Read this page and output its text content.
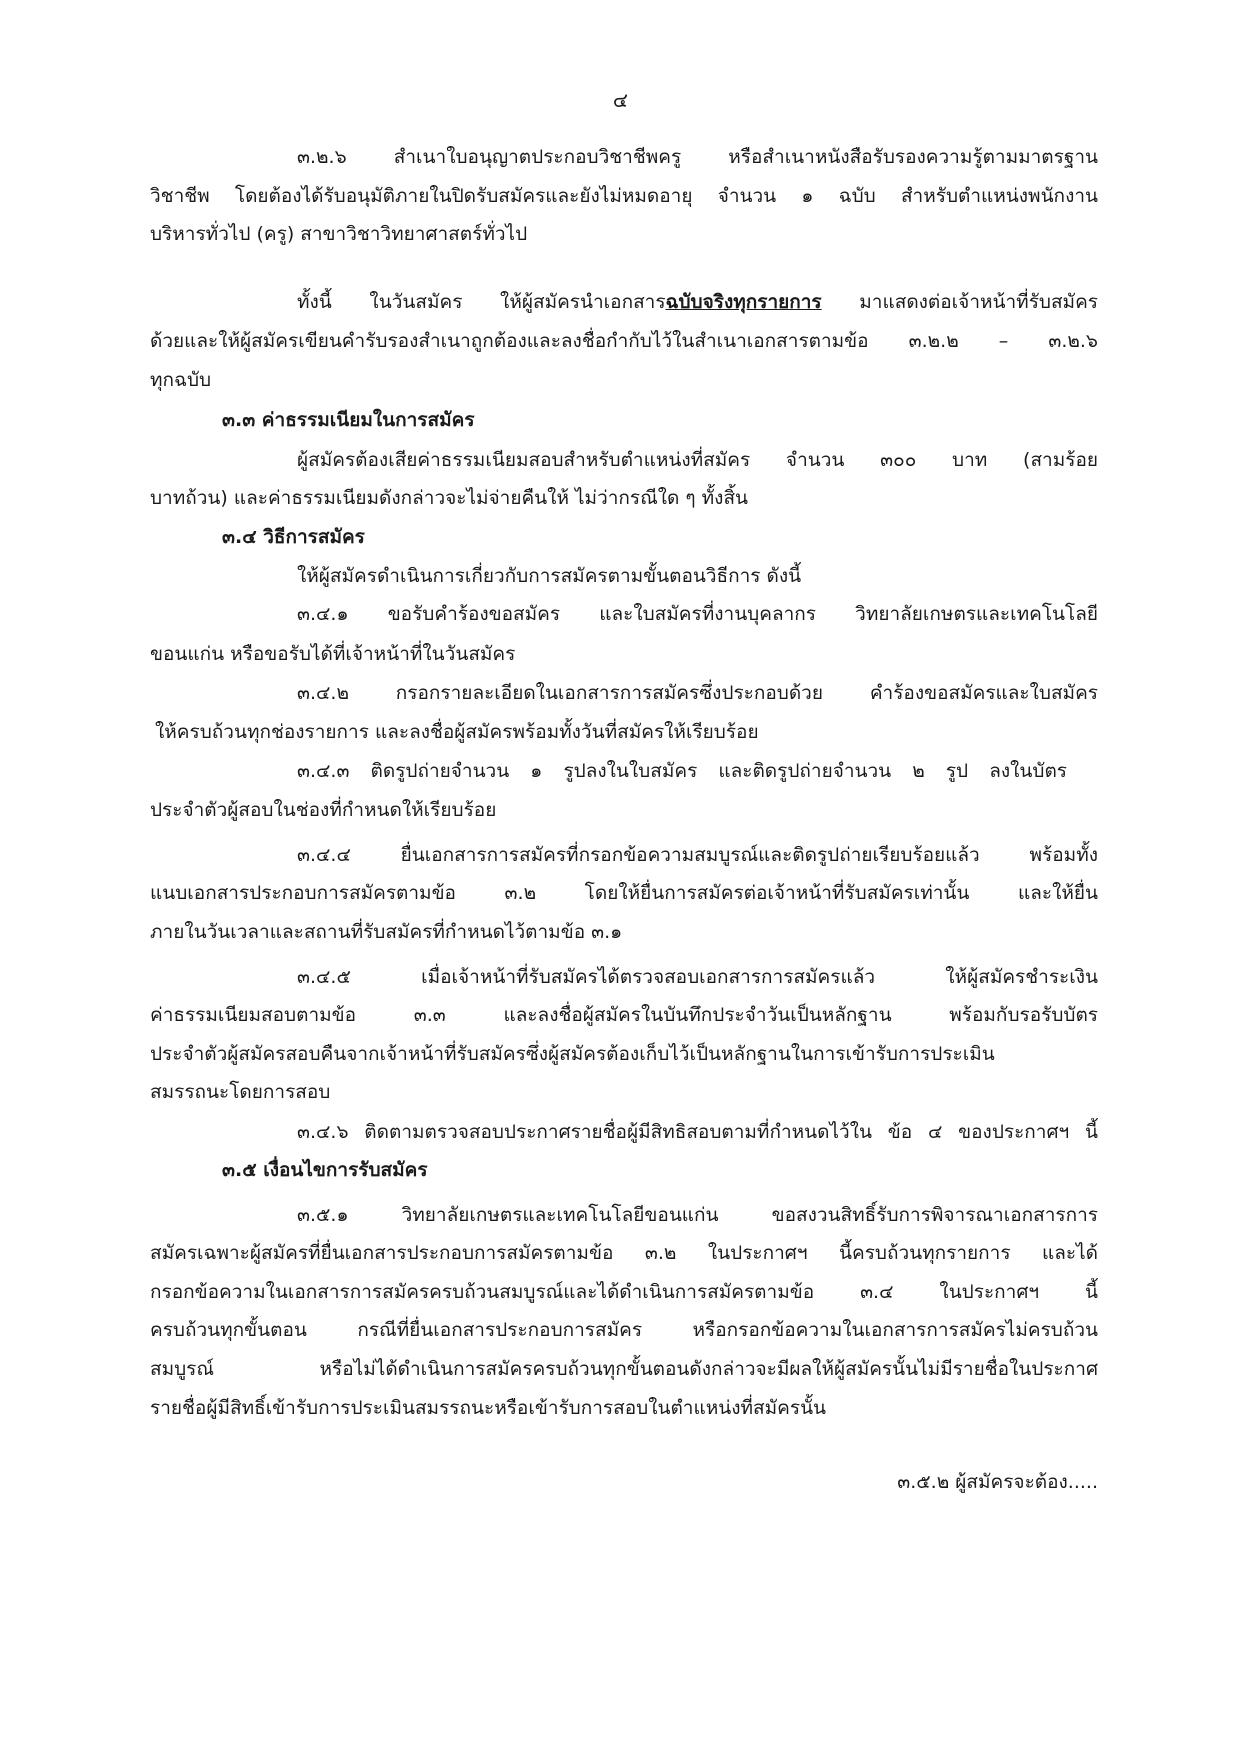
๔
๓.๒.๖ สำเนาใบอนุญาตประกอบวิชาชีพครู หรือสำเนาหนังสือรับรองความรู้ตามมาตรฐาน
วิชาชีพ โดยต้องได้รับอนุมัติภายในปิดรับสมัครและยังไม่หมดอายุ จำนวน ๑ ฉบับ สำหรับตำแหน่งพนักงาน
บริหารทั่วไป (ครู) สาขาวิชาวิทยาศาสตร์ทั่วไป
ทั้งนี้ ในวันสมัคร ให้ผู้สมัครนำเอกสารฉบับจริงทุกรายการ มาแสดงต่อเจ้าหน้าที่รับสมัคร
ด้วยและให้ผู้สมัครเขียนคำรับรองสำเนาถูกต้องและลงชื่อกำกับไว้ในสำเนาเอกสารตามข้อ ๓.๒.๒ – ๓.๒.๖
ทุกฉบับ
๓.๓ ค่าธรรมเนียมในการสมัคร
ผู้สมัครต้องเสียค่าธรรมเนียมสอบสำหรับตำแหน่งที่สมัคร จำนวน ๓๐๐ บาท (สามร้อย
บาทถ้วน) และค่าธรรมเนียมดังกล่าวจะไม่จ่ายคืนให้ ไม่ว่ากรณีใด ๆ ทั้งสิ้น
๓.๔ วิธีการสมัคร
ให้ผู้สมัครดำเนินการเกี่ยวกับการสมัครตามขั้นตอนวิธีการ ดังนี้
๓.๔.๑ ขอรับคำร้องขอสมัคร และใบสมัครที่งานบุคลากร วิทยาลัยเกษตรและเทคโนโลยี
ขอนแก่น หรือขอรับได้ที่เจ้าหน้าที่ในวันสมัคร
๓.๔.๒ กรอกรายละเอียดในเอกสารการสมัครซึ่งประกอบด้วย คำร้องขอสมัครและใบสมัคร
ให้ครบถ้วนทุกช่องรายการ และลงชื่อผู้สมัครพร้อมทั้งวันที่สมัครให้เรียบร้อย
๓.๔.๓ ติดรูปถ่ายจำนวน ๑ รูปลงในใบสมัคร และติดรูปถ่ายจำนวน ๒ รูป ลงในบัตร
ประจำตัวผู้สอบในช่องที่กำหนดให้เรียบร้อย
๓.๔.๔ ยื่นเอกสารการสมัครที่กรอกข้อความสมบูรณ์และติดรูปถ่ายเรียบร้อยแล้ว พร้อมทั้ง
แนบเอกสารประกอบการสมัครตามข้อ ๓.๒ โดยให้ยื่นการสมัครต่อเจ้าหน้าที่รับสมัครเท่านั้น และให้ยื่น
ภายในวันเวลาและสถานที่รับสมัครที่กำหนดไว้ตามข้อ ๓.๑
๓.๔.๕ เมื่อเจ้าหน้าที่รับสมัครได้ตรวจสอบเอกสารการสมัครแล้ว ให้ผู้สมัครชำระเงิน
ค่าธรรมเนียมสอบตามข้อ ๓.๓ และลงชื่อผู้สมัครในบันทึกประจำวันเป็นหลักฐาน พร้อมกับรอรับบัตร
ประจำตัวผู้สมัครสอบคืนจากเจ้าหน้าที่รับสมัครซึ่งผู้สมัครต้องเก็บไว้เป็นหลักฐานในการเข้ารับการประเมิน
สมรรถนะโดยการสอบ
๓.๔.๖ ติดตามตรวจสอบประกาศรายชื่อผู้มีสิทธิสอบตามที่กำหนดไว้ใน ข้อ ๔ ของประกาศฯ นี้
๓.๕ เงื่อนไขการรับสมัคร
๓.๕.๑ วิทยาลัยเกษตรและเทคโนโลยีขอนแก่น ขอสงวนสิทธิ์รับการพิจารณาเอกสารการ
สมัครเฉพาะผู้สมัครที่ยื่นเอกสารประกอบการสมัครตามข้อ ๓.๒ ในประกาศฯ นี้ครบถ้วนทุกรายการ และได้
กรอกข้อความในเอกสารการสมัครครบถ้วนสมบูรณ์และได้ดำเนินการสมัครตามข้อ ๓.๔ ในประกาศฯ นี้
ครบถ้วนทุกขั้นตอน กรณีที่ยื่นเอกสารประกอบการสมัคร หรือกรอกข้อความในเอกสารการสมัครไม่ครบถ้วน
สมบูรณ์ หรือไม่ได้ดำเนินการสมัครครบถ้วนทุกขั้นตอนดังกล่าวจะมีผลให้ผู้สมัครนั้นไม่มีรายชื่อในประกาศ
รายชื่อผู้มีสิทธิ์เข้ารับการประเมินสมรรถนะหรือเข้ารับการสอบในตำแหน่งที่สมัครนั้น
๓.๕.๒ ผู้สมัครจะต้อง.....
